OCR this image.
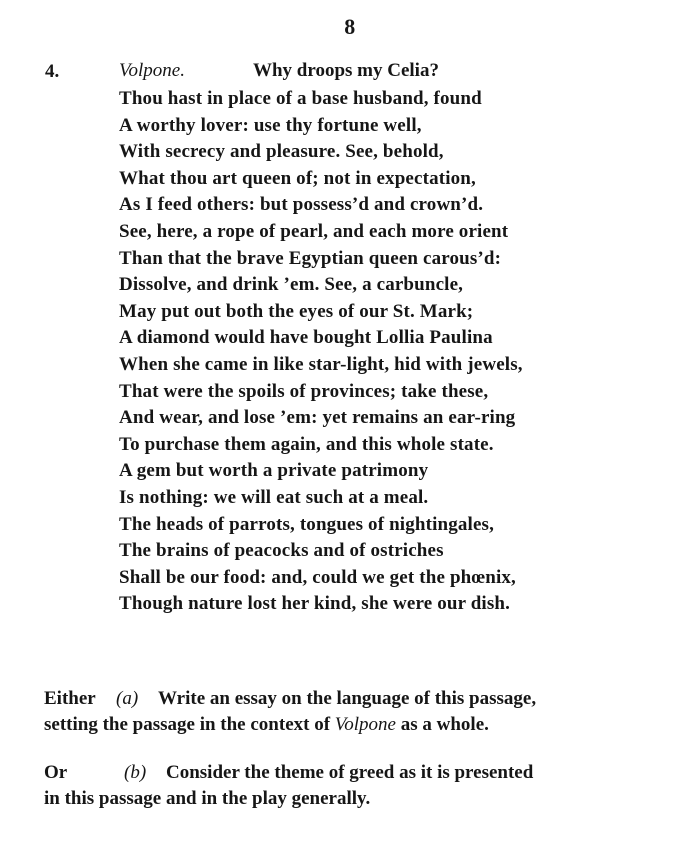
8
4.	Volpone.	Why droops my Celia?
Thou hast in place of a base husband, found
A worthy lover: use thy fortune well,
With secrecy and pleasure. See, behold,
What thou art queen of; not in expectation,
As I feed others: but possess’d and crown’d.
See, here, a rope of pearl, and each more orient
Than that the brave Egyptian queen carous’d:
Dissolve, and drink ’em. See, a carbuncle,
May put out both the eyes of our St. Mark;
A diamond would have bought Lollia Paulina
When she came in like star-light, hid with jewels,
That were the spoils of provinces; take these,
And wear, and lose ’em: yet remains an ear-ring
To purchase them again, and this whole state.
A gem but worth a private patrimony
Is nothing: we will eat such at a meal.
The heads of parrots, tongues of nightingales,
The brains of peacocks and of ostriches
Shall be our food: and, could we get the phœnix,
Though nature lost her kind, she were our dish.
Either (a) Write an essay on the language of this passage,
setting the passage in the context of Volpone as a whole.
Or	(b) Consider the theme of greed as it is presented
in this passage and in the play generally.
